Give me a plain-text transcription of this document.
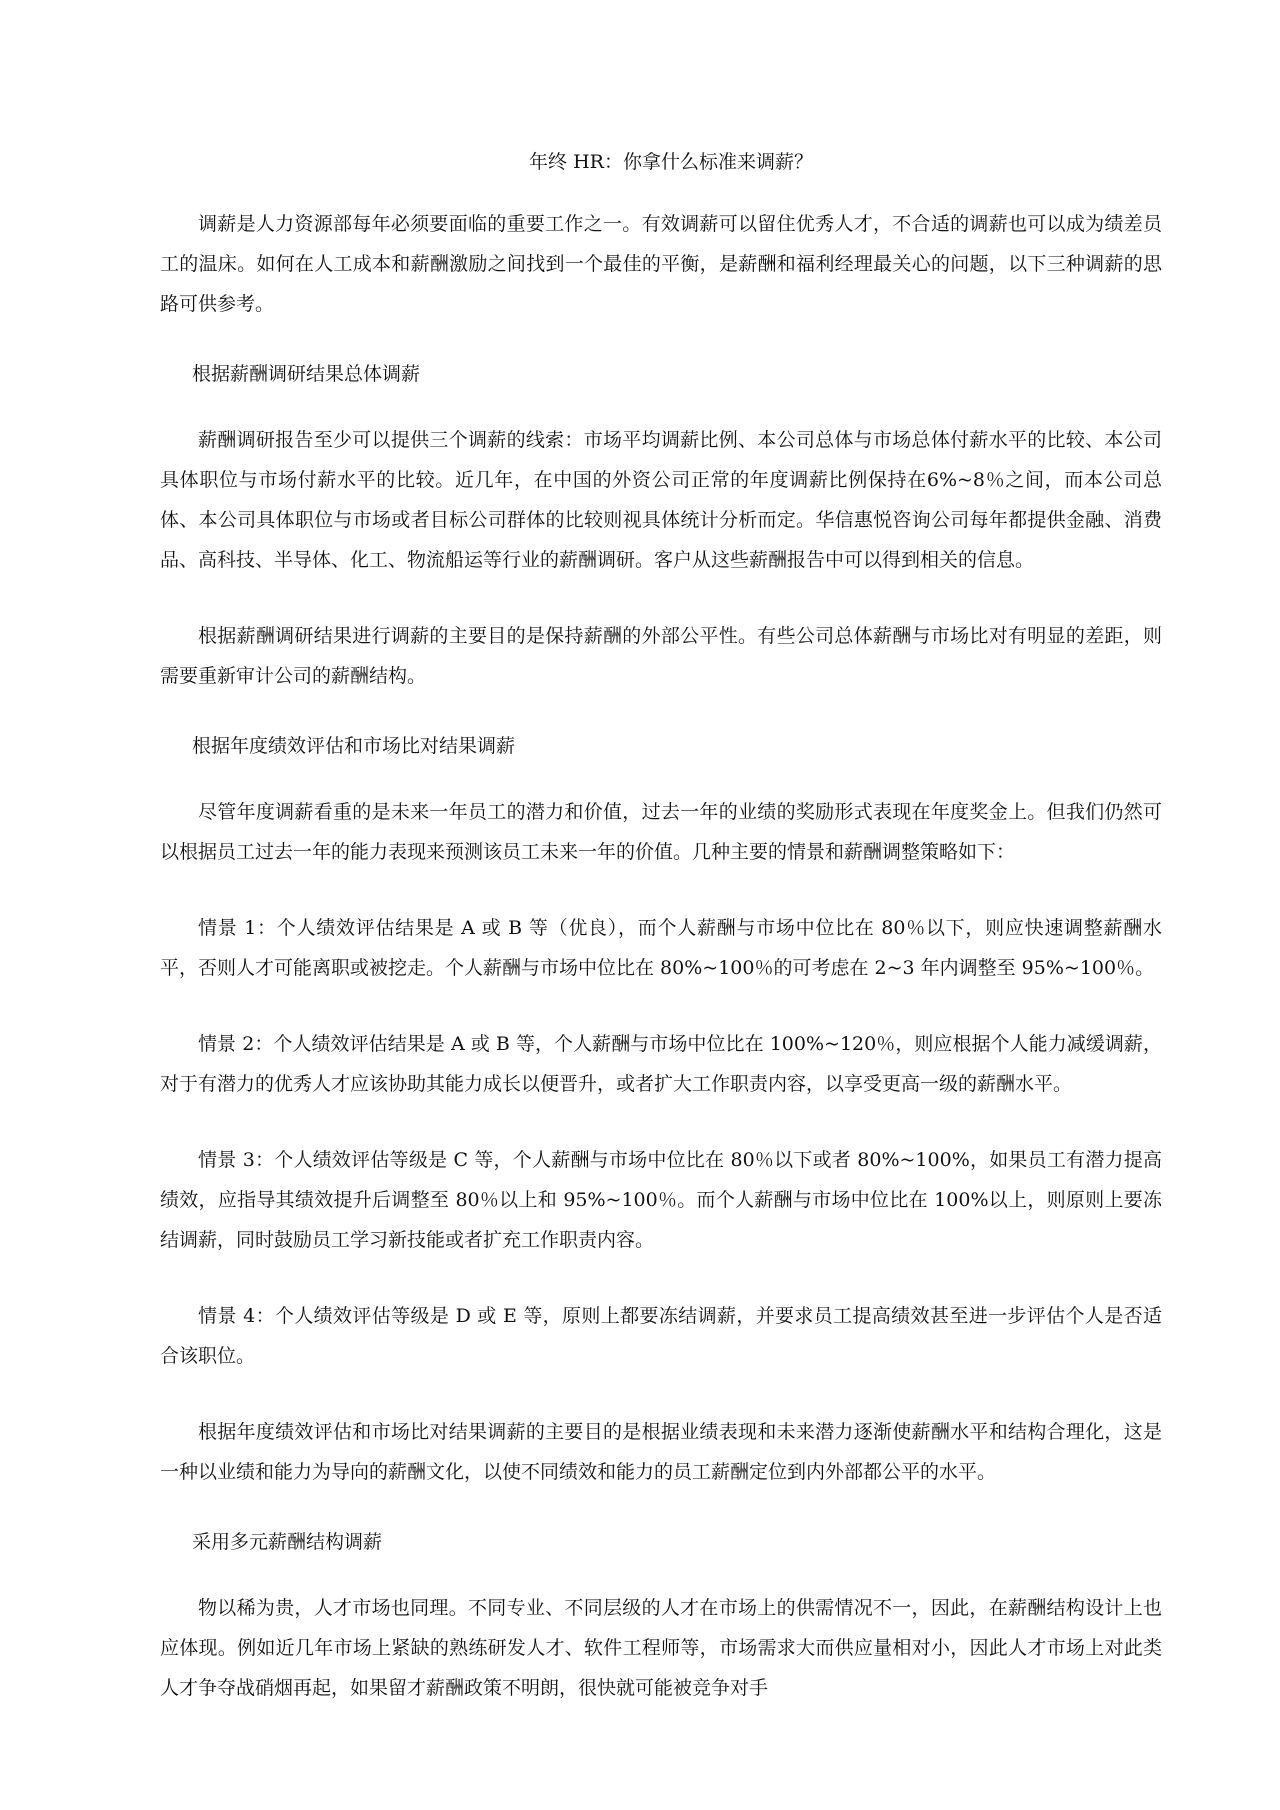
年终 HR：你拿什么标准来调薪？

调薪是人力资源部每年必须要面临的重要工作之一。有效调薪可以留住优秀人才，不合适的调薪也可以成为绩差员工的温床。如何在人工成本和薪酬激励之间找到一个最佳的平衡，是薪酬和福利经理最关心的问题，以下三种调薪的思路可供参考。

根据薪酬调研结果总体调薪

薪酬调研报告至少可以提供三个调薪的线索：市场平均调薪比例、本公司总体与市场总体付薪水平的比较、本公司具体职位与市场付薪水平的比较。近几年，在中国的外资公司正常的年度调薪比例保持在6%~8％之间，而本公司总体、本公司具体职位与市场或者目标公司群体的比较则视具体统计分析而定。华信惠悦咨询公司每年都提供金融、消费品、高科技、半导体、化工、物流船运等行业的薪酬调研。客户从这些薪酬报告中可以得到相关的信息。

根据薪酬调研结果进行调薪的主要目的是保持薪酬的外部公平性。有些公司总体薪酬与市场比对有明显的差距，则需要重新审计公司的薪酬结构。

根据年度绩效评估和市场比对结果调薪

尽管年度调薪看重的是未来一年员工的潜力和价值，过去一年的业绩的奖励形式表现在年度奖金上。但我们仍然可以根据员工过去一年的能力表现来预测该员工未来一年的价值。几种主要的情景和薪酬调整策略如下：

情景 1：个人绩效评估结果是 A 或 B 等（优良），而个人薪酬与市场中位比在 80％以下，则应快速调整薪酬水平，否则人才可能离职或被挖走。个人薪酬与市场中位比在 80%~100％的可考虑在 2~3 年内调整至 95%~100％。

情景 2：个人绩效评估结果是 A 或 B 等，个人薪酬与市场中位比在 100%~120％，则应根据个人能力减缓调薪，对于有潜力的优秀人才应该协助其能力成长以便晋升，或者扩大工作职责内容，以享受更高一级的薪酬水平。

情景 3：个人绩效评估等级是 C 等，个人薪酬与市场中位比在 80％以下或者 80%~100%，如果员工有潜力提高绩效，应指导其绩效提升后调整至 80％以上和 95%~100％。而个人薪酬与市场中位比在 100%以上，则原则上要冻结调薪，同时鼓励员工学习新技能或者扩充工作职责内容。

情景 4：个人绩效评估等级是 D 或 E 等，原则上都要冻结调薪，并要求员工提高绩效甚至进一步评估个人是否适合该职位。

根据年度绩效评估和市场比对结果调薪的主要目的是根据业绩表现和未来潜力逐渐使薪酬水平和结构合理化，这是一种以业绩和能力为导向的薪酬文化，以使不同绩效和能力的员工薪酬定位到内外部都公平的水平。

采用多元薪酬结构调薪

物以稀为贵，人才市场也同理。不同专业、不同层级的人才在市场上的供需情况不一，因此，在薪酬结构设计上也应体现。例如近几年市场上紧缺的熟练研发人才、软件工程师等，市场需求大而供应量相对小，因此人才市场上对此类人才争夺战硝烟再起，如果留才薪酬政策不明朗，很快就可能被竞争对手
